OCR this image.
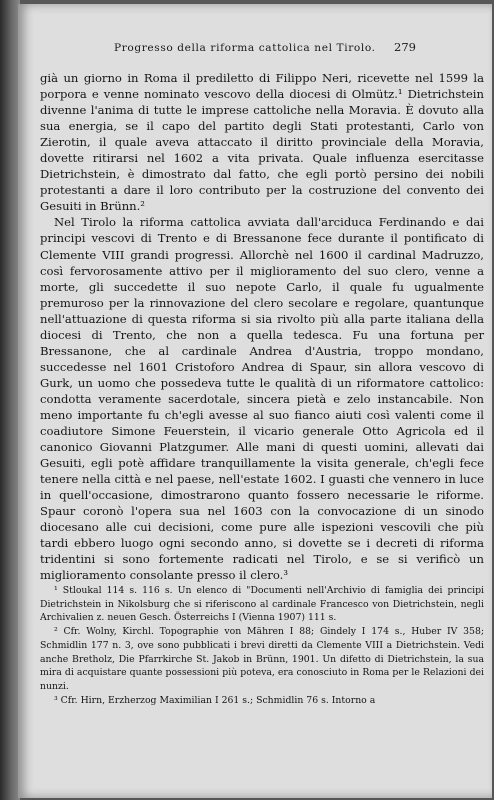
Progresso della riforma cattolica nel Tirolo. 279

già un giorno in Roma il prediletto di Filippo Neri, ricevette nel 1599 la porpora e venne nominato vescovo della diocesi di Olmütz.¹ Dietrichstein divenne l'anima di tutte le imprese cattoliche nella Moravia. È dovuto alla sua energia, se il capo del partito degli Stati protestanti, Carlo von Zierotin, il quale aveva attaccato il diritto provinciale della Moravia, dovette ritirarsi nel 1602 a vita privata. Quale influenza esercitasse Dietrichstein, è dimostrato dal fatto, che egli portò persino dei nobili protestanti a dare il loro contributo per la costruzione del convento dei Gesuiti in Brünn.²

Nel Tirolo la riforma cattolica avviata dall'arciduca Ferdinando e dai principi vescovi di Trento e di Bressanone fece durante il pontificato di Clemente VIII grandi progressi. Allorchè nel 1600 il cardinal Madruzzo, così fervorosamente attivo per il miglioramento del suo clero, venne a morte, gli succedette il suo nepote Carlo, il quale fu ugualmente premuroso per la rinnovazione del clero secolare e regolare, quantunque nell'attuazione di questa riforma si sia rivolto più alla parte italiana della diocesi di Trento, che non a quella tedesca. Fu una fortuna per Bressanone, che al cardinale Andrea d'Austria, troppo mondano, succedesse nel 1601 Cristoforo Andrea di Spaur, sin allora vescovo di Gurk, un uomo che possedeva tutte le qualità di un riformatore cattolico: condotta veramente sacerdotale, sincera pietà e zelo instancabile. Non meno importante fu ch'egli avesse al suo fianco aiuti così valenti come il coadiutore Simone Feuerstein, il vicario generale Otto Agricola ed il canonico Giovanni Platzgumer. Alle mani di questi uomini, allevati dai Gesuiti, egli potè affidare tranquillamente la visita generale, ch'egli fece tenere nella città e nel paese, nell'estate 1602. I guasti che vennero in luce in quell'occasione, dimostrarono quanto fossero necessarie le riforme. Spaur coronò l'opera sua nel 1603 con la convocazione di un sinodo diocesano alle cui decisioni, come pure alle ispezioni vescovili che più tardi ebbero luogo ogni secondo anno, si dovette se i decreti di riforma tridentini si sono fortemente radicati nel Tirolo, e se si verificò un miglioramento consolante presso il clero.³

¹ Stloukal 114 s. 116 s. Un elenco di "Documenti nell'Archivio di famiglia dei principi Dietrichstein in Nikolsburg che si riferiscono al cardinale Francesco von Dietrichstein, negli Archivalien z. neuen Gesch. Österreichs I (Vienna 1907) 111 s.

² Cfr. Wolny, Kirchl. Topographie von Mähren I 88; Gindely I 174 s., Huber IV 358; Schmidlin 177 n. 3, ove sono pubblicati i brevi diretti da Clemente VIII a Dietrichstein. Vedi anche Bretholz, Die Pfarrkirche St. Jakob in Brünn, 1901. Un difetto di Dietrichstein, la sua mira di acquistare quante possessioni più poteva, era conosciuto in Roma per le Relazioni dei nunzi.

³ Cfr. Hirn, Erzherzog Maximilian I 261 s.; Schmidlin 76 s. Intorno a
